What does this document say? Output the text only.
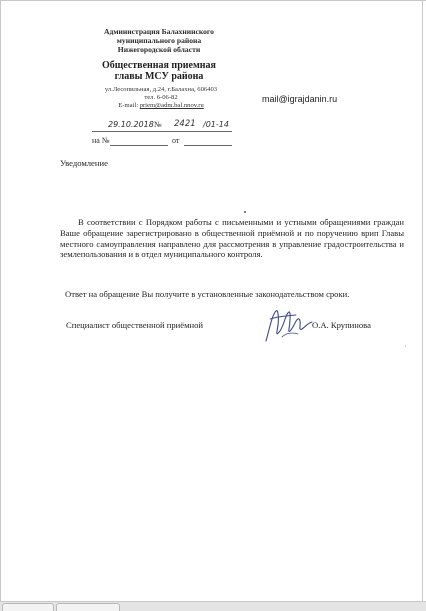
Администрация Балахнинского
муниципального района
Нижегородской области
Общественная приемная
главы МСУ района
ул.Лесопильная, д.24, г.Балахна, 606403
тел. 6-06-82
E-mail: priem@adm.bal.nnov.ru
mail@igrajdanin.ru
29.10.2018 № 2421 /01-14
на №	от
Уведомление

В соответствии с Порядком работы с письменными и устными обращениями граждан Ваше обращение зарегистрировано в общественной приёмной и по поручению врип Главы местного самоуправления направлено для рассмотрения в управление градостроительства и землепользования и в отдел муниципального контроля.

Ответ на обращение Вы получите в установленные законодательством сроки.
Специалист общественной приёмной	О.А. Крупинова
·
